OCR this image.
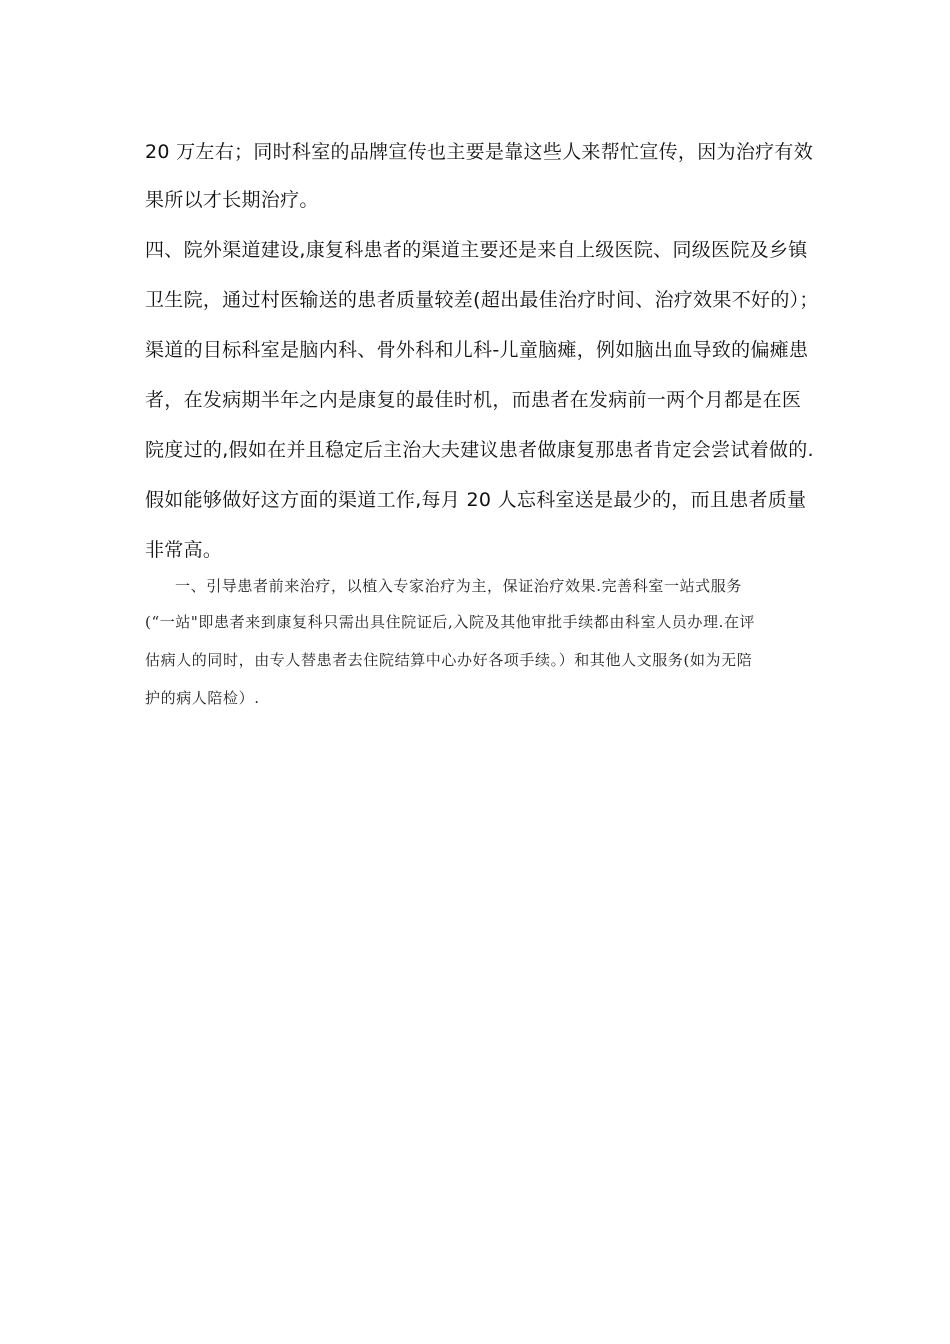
20 万左右；同时科室的品牌宣传也主要是靠这些人来帮忙宣传，因为治疗有效
果所以才长期治疗。
四、院外渠道建设,康复科患者的渠道主要还是来自上级医院、同级医院及乡镇
卫生院，通过村医输送的患者质量较差(超出最佳治疗时间、治疗效果不好的）；
渠道的目标科室是脑内科、骨外科和儿科-儿童脑瘫，例如脑出血导致的偏瘫患
者，在发病期半年之内是康复的最佳时机，而患者在发病前一两个月都是在医
院度过的,假如在并且稳定后主治大夫建议患者做康复那患者肯定会尝试着做的.
假如能够做好这方面的渠道工作,每月 20 人忘科室送是最少的，而且患者质量
非常高。
一、引导患者前来治疗，以植入专家治疗为主，保证治疗效果.完善科室一站式服务
(“一站"即患者来到康复科只需出具住院证后,入院及其他审批手续都由科室人员办理.在评
估病人的同时，由专人替患者去住院结算中心办好各项手续。）和其他人文服务(如为无陪
护的病人陪检）.
